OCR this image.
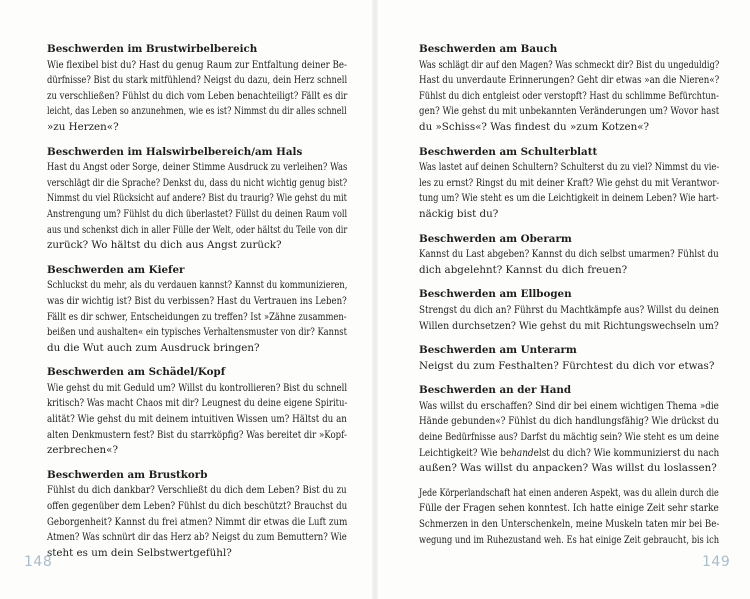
Beschwerden im Brustwirbelbereich
Wie flexibel bist du? Hast du genug Raum zur Entfaltung deiner Be-
dürfnisse? Bist du stark mitfühlend? Neigst du dazu, dein Herz schnell
zu verschließen? Fühlst du dich vom Leben benachteiligt? Fällt es dir
leicht, das Leben so anzunehmen, wie es ist? Nimmst du dir alles schnell
»zu Herzen«?
Beschwerden im Halswirbelbereich/am Hals
Hast du Angst oder Sorge, deiner Stimme Ausdruck zu verleihen? Was
verschlägt dir die Sprache? Denkst du, dass du nicht wichtig genug bist?
Nimmst du viel Rücksicht auf andere? Bist du traurig? Wie gehst du mit
Anstrengung um? Fühlst du dich überlastet? Füllst du deinen Raum voll
aus und schenkst dich in aller Fülle der Welt, oder hältst du Teile von dir
zurück? Wo hältst du dich aus Angst zurück?
Beschwerden am Kiefer
Schluckst du mehr, als du verdauen kannst? Kannst du kommunizieren,
was dir wichtig ist? Bist du verbissen? Hast du Vertrauen ins Leben?
Fällt es dir schwer, Entscheidungen zu treffen? Ist »Zähne zusammen-
beißen und aushalten« ein typisches Verhaltensmuster von dir? Kannst
du die Wut auch zum Ausdruck bringen?
Beschwerden am Schädel/Kopf
Wie gehst du mit Geduld um? Willst du kontrollieren? Bist du schnell
kritisch? Was macht Chaos mit dir? Leugnest du deine eigene Spiritu-
alität? Wie gehst du mit deinem intuitiven Wissen um? Hältst du an
alten Denkmustern fest? Bist du starrköpfig? Was bereitet dir »Kopf-
zerbrechen«?
Beschwerden am Brustkorb
Fühlst du dich dankbar? Verschließt du dich dem Leben? Bist du zu
offen gegenüber dem Leben? Fühlst du dich beschützt? Brauchst du
Geborgenheit? Kannst du frei atmen? Nimmt dir etwas die Luft zum
Atmen? Was schnürt dir das Herz ab? Neigst du zum Bemuttern? Wie
steht es um dein Selbstwertgefühl?
148
Beschwerden am Bauch
Was schlägt dir auf den Magen? Was schmeckt dir? Bist du ungeduldig?
Hast du unverdaute Erinnerungen? Geht dir etwas »an die Nieren«?
Fühlst du dich entgleist oder verstopft? Hast du schlimme Befürchtun-
gen? Wie gehst du mit unbekannten Veränderungen um? Wovor hast
du »Schiss«? Was findest du »zum Kotzen«?
Beschwerden am Schulterblatt
Was lastet auf deinen Schultern? Schulterst du zu viel? Nimmst du vie-
les zu ernst? Ringst du mit deiner Kraft? Wie gehst du mit Verantwor-
tung um? Wie steht es um die Leichtigkeit in deinem Leben? Wie hart-
näckig bist du?
Beschwerden am Oberarm
Kannst du Last abgeben? Kannst du dich selbst umarmen? Fühlst du
dich abgelehnt? Kannst du dich freuen?
Beschwerden am Ellbogen
Strengst du dich an? Führst du Machtkämpfe aus? Willst du deinen
Willen durchsetzen? Wie gehst du mit Richtungswechseln um?
Beschwerden am Unterarm
Neigst du zum Festhalten? Fürchtest du dich vor etwas?
Beschwerden an der Hand
Was willst du erschaffen? Sind dir bei einem wichtigen Thema »die
Hände gebunden«? Fühlst du dich handlungsfähig? Wie drückst du
deine Bedürfnisse aus? Darfst du mächtig sein? Wie steht es um deine
Leichtigkeit? Wie behandelst du dich? Wie kommunizierst du nach
außen? Was willst du anpacken? Was willst du loslassen?
Jede Körperlandschaft hat einen anderen Aspekt, was du allein durch die
Fülle der Fragen sehen konntest. Ich hatte einige Zeit sehr starke
Schmerzen in den Unterschenkeln, meine Muskeln taten mir bei Be-
wegung und im Ruhezustand weh. Es hat einige Zeit gebraucht, bis ich
149
